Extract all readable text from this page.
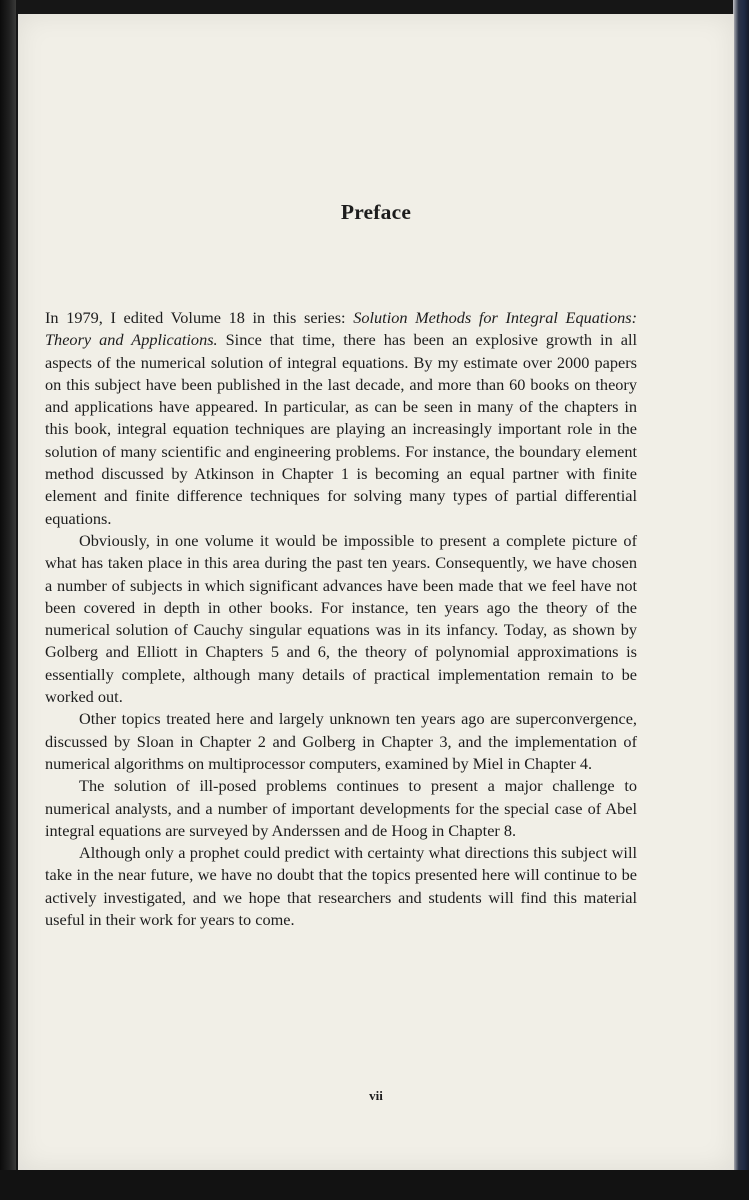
Preface

In 1979, I edited Volume 18 in this series: Solution Methods for Integral Equations: Theory and Applications. Since that time, there has been an explosive growth in all aspects of the numerical solution of integral equations. By my estimate over 2000 papers on this subject have been published in the last decade, and more than 60 books on theory and applications have appeared. In particular, as can be seen in many of the chapters in this book, integral equation techniques are playing an increasingly important role in the solution of many scientific and engineering problems. For instance, the boundary element method discussed by Atkinson in Chapter 1 is becoming an equal partner with finite element and finite difference techniques for solving many types of partial differential equations.

Obviously, in one volume it would be impossible to present a complete picture of what has taken place in this area during the past ten years. Consequently, we have chosen a number of subjects in which significant advances have been made that we feel have not been covered in depth in other books. For instance, ten years ago the theory of the numerical solution of Cauchy singular equations was in its infancy. Today, as shown by Golberg and Elliott in Chapters 5 and 6, the theory of polynomial approximations is essentially complete, although many details of practical implementation remain to be worked out.

Other topics treated here and largely unknown ten years ago are superconvergence, discussed by Sloan in Chapter 2 and Golberg in Chapter 3, and the implementation of numerical algorithms on multiprocessor computers, examined by Miel in Chapter 4.

The solution of ill-posed problems continues to present a major challenge to numerical analysts, and a number of important developments for the special case of Abel integral equations are surveyed by Anderssen and de Hoog in Chapter 8.

Although only a prophet could predict with certainty what directions this subject will take in the near future, we have no doubt that the topics presented here will continue to be actively investigated, and we hope that researchers and students will find this material useful in their work for years to come.

vii
